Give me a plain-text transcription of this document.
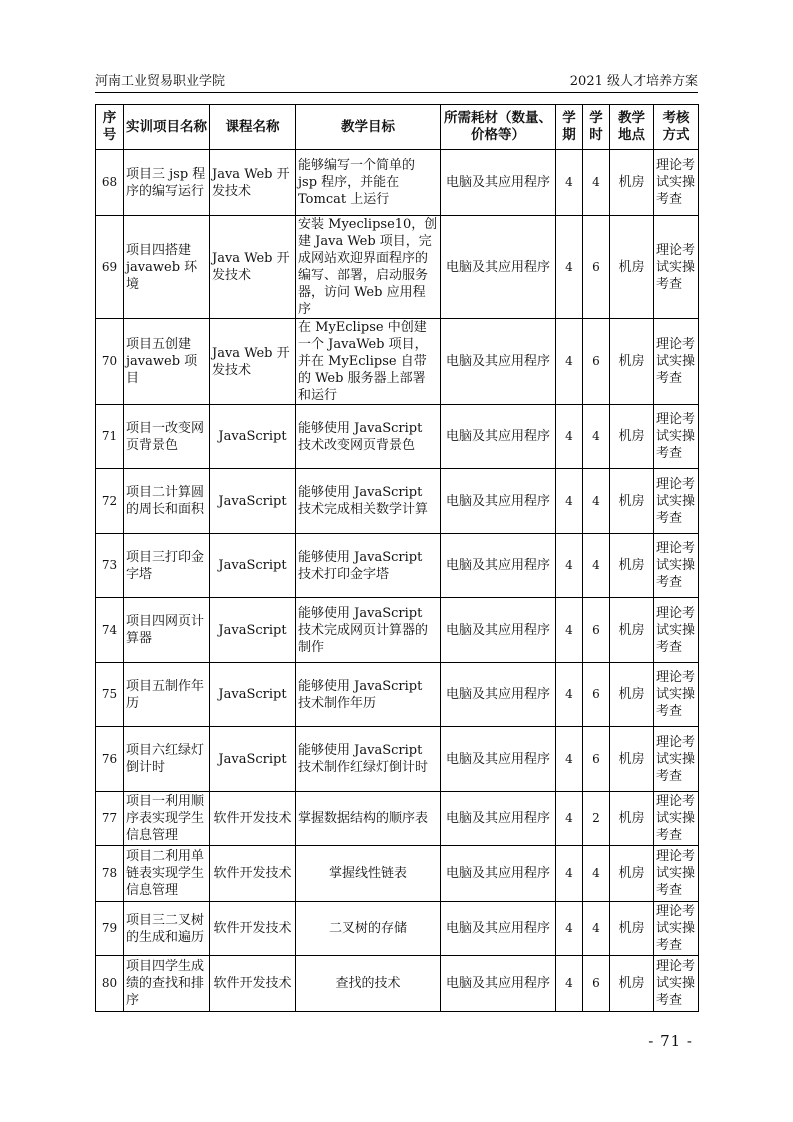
河南工业贸易职业学院	2021 级人才培养方案
序号	实训项目名称	课程名称	教学目标	所需耗材（数量、价格等）	学期	学时	教学地点	考核方式
68	项目三 jsp 程序的编写运行	Java Web 开发技术	能够编写一个简单的 jsp 程序，并能在 Tomcat 上运行	电脑及其应用程序	4	4	机房	理论考试实操考查
69	项目四搭建 javaweb 环境	Java Web 开发技术	安装 Myeclipse10，创建 Java Web 项目，完成网站欢迎界面程序的编写、部署，启动服务器，访问 Web 应用程序	电脑及其应用程序	4	6	机房	理论考试实操考查
70	项目五创建 javaweb 项目	Java Web 开发技术	在 MyEclipse 中创建一个 JavaWeb 项目，并在 MyEclipse 自带的 Web 服务器上部署和运行	电脑及其应用程序	4	6	机房	理论考试实操考查
71	项目一改变网页背景色	JavaScript	能够使用 JavaScript 技术改变网页背景色	电脑及其应用程序	4	4	机房	理论考试实操考查
72	项目二计算圆的周长和面积	JavaScript	能够使用 JavaScript 技术完成相关数学计算	电脑及其应用程序	4	4	机房	理论考试实操考查
73	项目三打印金字塔	JavaScript	能够使用 JavaScript 技术打印金字塔	电脑及其应用程序	4	4	机房	理论考试实操考查
74	项目四网页计算器	JavaScript	能够使用 JavaScript 技术完成网页计算器的制作	电脑及其应用程序	4	6	机房	理论考试实操考查
75	项目五制作年历	JavaScript	能够使用 JavaScript 技术制作年历	电脑及其应用程序	4	6	机房	理论考试实操考查
76	项目六红绿灯倒计时	JavaScript	能够使用 JavaScript 技术制作红绿灯倒计时	电脑及其应用程序	4	6	机房	理论考试实操考查
77	项目一利用顺序表实现学生信息管理	软件开发技术	掌握数据结构的顺序表	电脑及其应用程序	4	2	机房	理论考试实操考查
78	项目二利用单链表实现学生信息管理	软件开发技术	掌握线性链表	电脑及其应用程序	4	4	机房	理论考试实操考查
79	项目三二叉树的生成和遍历	软件开发技术	二叉树的存储	电脑及其应用程序	4	4	机房	理论考试实操考查
80	项目四学生成绩的查找和排序	软件开发技术	查找的技术	电脑及其应用程序	4	6	机房	理论考试实操考查
- 71 -
